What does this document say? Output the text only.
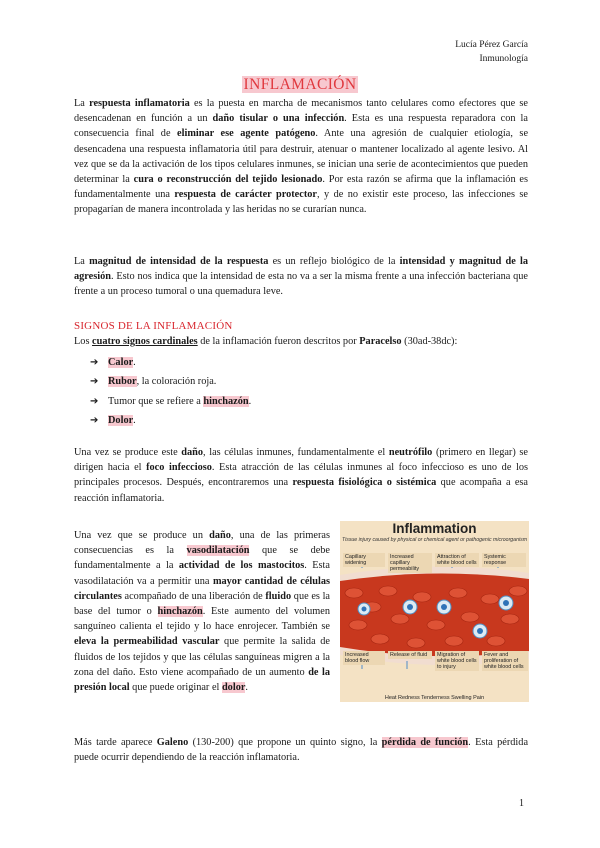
Lucía Pérez García
Inmunología
INFLAMACIÓN

La respuesta inflamatoria es la puesta en marcha de mecanismos tanto celulares como efectores que se desencadenan en función a un daño tisular o una infección. Esta es una respuesta reparadora con la consecuencia final de eliminar ese agente patógeno. Ante una agresión de cualquier etiología, se desencadena una respuesta inflamatoria útil para destruir, atenuar o mantener localizado al agente lesivo. Al vez que se da la activación de los tipos celulares inmunes, se inician una serie de acontecimientos que pueden determinar la cura o reconstrucción del tejido lesionado. Por esta razón se afirma que la inflamación es fundamentalmente una respuesta de carácter protector, y de no existir este proceso, las infecciones se propagarían de manera incontrolada y las heridas no se curarían nunca.

La magnitud de intensidad de la respuesta es un reflejo biológico de la intensidad y magnitud de la agresión. Esto nos indica que la intensidad de esta no va a ser la misma frente a una infección bacteriana que frente a un proceso tumoral o una quemadura leve.

SIGNOS DE LA INFLAMACIÓN

Los cuatro signos cardinales de la inflamación fueron descritos por Paracelso (30ad-38dc):

➔ Calor.
➔ Rubor, la coloración roja.
➔ Tumor que se refiere a hinchazón.
➔ Dolor.

Una vez se produce este daño, las células inmunes, fundamentalmente el neutrófilo (primero en llegar) se dirigen hacia el foco infeccioso. Esta atracción de las células inmunes al foco infeccioso es uno de los principales procesos. Después, encontraremos una respuesta fisiológica o sistémica que acompaña a esa reacción inflamatoria.

Inflammation
Tissue injury caused by physical or chemical agent or pathogenic microorganism
Capillary widening
Increased capillary permeability
Attraction of white blood cells
Systemic response
Increased blood flow
Release of fluid	Migration of white blood cells to injury
Fever and proliferation of white blood cells
Heat Redness Tenderness Swelling Pain

Una vez que se produce un daño, una de las primeras consecuencias es la vasodilatación que se debe fundamentalmente a la actividad de los mastocitos. Esta vasodilatación va a permitir una mayor cantidad de células circulantes acompañado de una liberación de fluido que es la base del tumor o hinchazón. Este aumento del volumen sanguíneo calienta el tejido y lo hace enrojecer. También se eleva la permeabilidad vascular que permite la salida de fluidos de los tejidos y que las células sanguíneas migren a la zona del daño. Esto viene acompañado de un aumento de la presión local que puede originar el dolor.

Más tarde aparece Galeno (130-200) que propone un quinto signo, la pérdida de función. Esta pérdida puede ocurrir dependiendo de la reacción inflamatoria.

1
